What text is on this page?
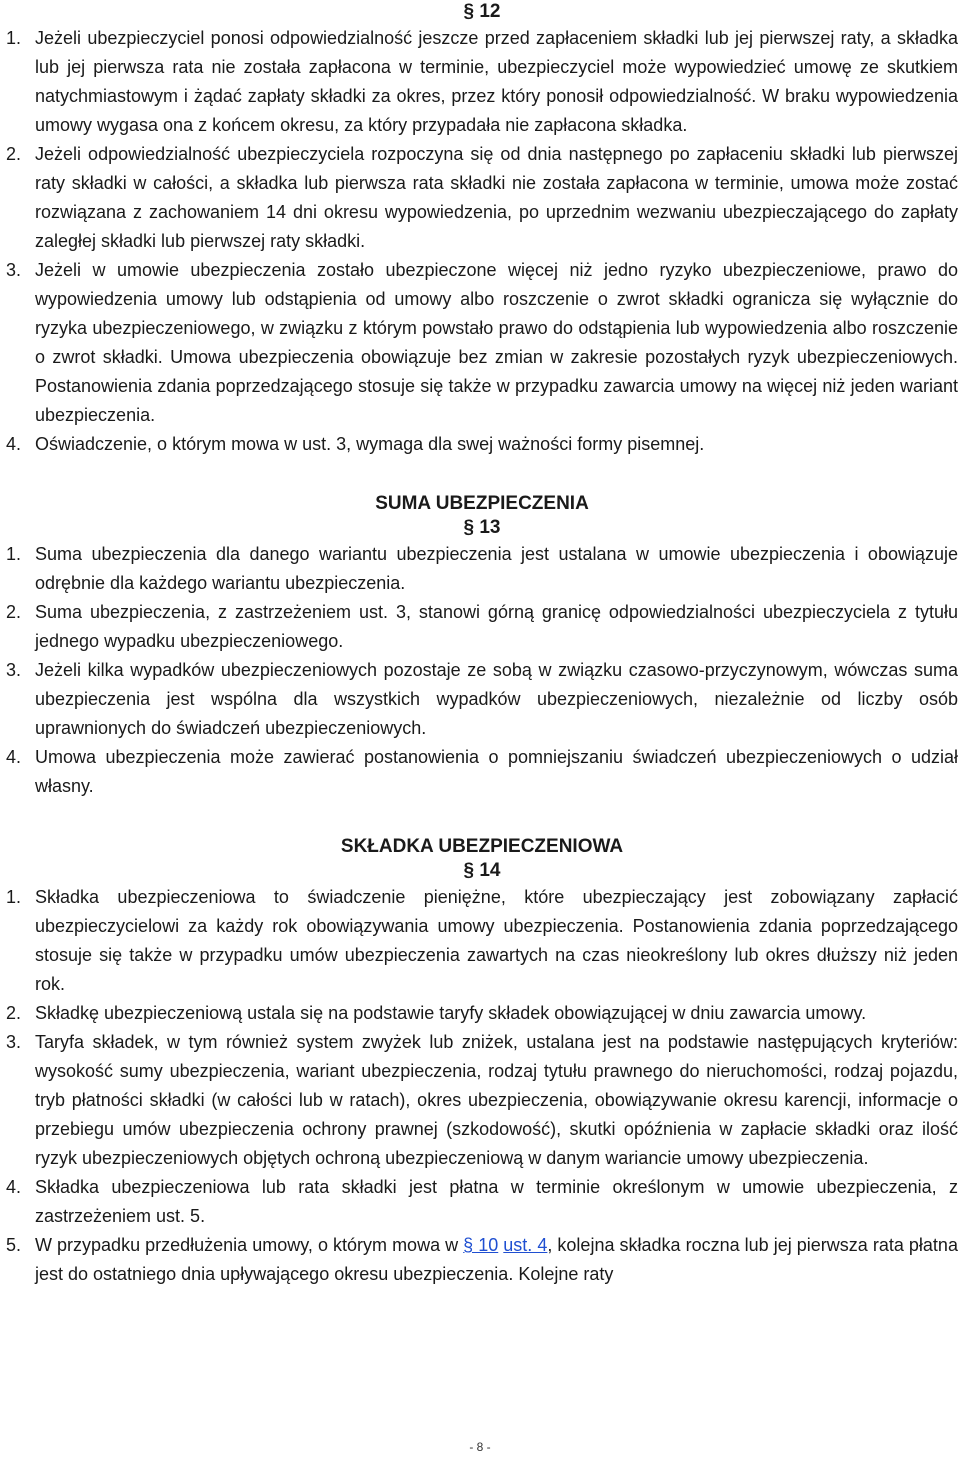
§ 12
1. Jeżeli ubezpieczyciel ponosi odpowiedzialność jeszcze przed zapłaceniem składki lub jej pierwszej raty, a składka lub jej pierwsza rata nie została zapłacona w terminie, ubezpieczyciel może wypowiedzieć umowę ze skutkiem natychmiastowym i żądać zapłaty składki za okres, przez który ponosił odpowiedzialność. W braku wypowiedzenia umowy wygasa ona z końcem okresu, za który przypadała nie zapłacona składka.
2. Jeżeli odpowiedzialność ubezpieczyciela rozpoczyna się od dnia następnego po zapłaceniu składki lub pierwszej raty składki w całości, a składka lub pierwsza rata składki nie została zapłacona w terminie, umowa może zostać rozwiązana z zachowaniem 14 dni okresu wypowiedzenia, po uprzednim wezwaniu ubezpieczającego do zapłaty zaległej składki lub pierwszej raty składki.
3. Jeżeli w umowie ubezpieczenia zostało ubezpieczone więcej niż jedno ryzyko ubezpieczeniowe, prawo do wypowiedzenia umowy lub odstąpienia od umowy albo roszczenie o zwrot składki ogranicza się wyłącznie do ryzyka ubezpieczeniowego, w związku z którym powstało prawo do odstąpienia lub wypowiedzenia albo roszczenie o zwrot składki. Umowa ubezpieczenia obowiązuje bez zmian w zakresie pozostałych ryzyk ubezpieczeniowych. Postanowienia zdania poprzedzającego stosuje się także w przypadku zawarcia umowy na więcej niż jeden wariant ubezpieczenia.
4. Oświadczenie, o którym mowa w ust. 3, wymaga dla swej ważności formy pisemnej.
SUMA UBEZPIECZENIA
§ 13
1. Suma ubezpieczenia dla danego wariantu ubezpieczenia jest ustalana w umowie ubezpieczenia i obowiązuje odrębnie dla każdego wariantu ubezpieczenia.
2. Suma ubezpieczenia, z zastrzeżeniem ust. 3, stanowi górną granicę odpowiedzialności ubezpieczyciela z tytułu jednego wypadku ubezpieczeniowego.
3. Jeżeli kilka wypadków ubezpieczeniowych pozostaje ze sobą w związku czasowo-przyczynowym, wówczas suma ubezpieczenia jest wspólna dla wszystkich wypadków ubezpieczeniowych, niezależnie od liczby osób uprawnionych do świadczeń ubezpieczeniowych.
4. Umowa ubezpieczenia może zawierać postanowienia o pomniejszaniu świadczeń ubezpieczeniowych o udział własny.
SKŁADKA UBEZPIECZENIOWA
§ 14
1. Składka ubezpieczeniowa to świadczenie pieniężne, które ubezpieczający jest zobowiązany zapłacić ubezpieczycielowi za każdy rok obowiązywania umowy ubezpieczenia. Postanowienia zdania poprzedzającego stosuje się także w przypadku umów ubezpieczenia zawartych na czas nieokreślony lub okres dłuższy niż jeden rok.
2. Składkę ubezpieczeniową ustala się na podstawie taryfy składek obowiązującej w dniu zawarcia umowy.
3. Taryfa składek, w tym również system zwyżek lub zniżek, ustalana jest na podstawie następujących kryteriów: wysokość sumy ubezpieczenia, wariant ubezpieczenia, rodzaj tytułu prawnego do nieruchomości, rodzaj pojazdu, tryb płatności składki (w całości lub w ratach), okres ubezpieczenia, obowiązywanie okresu karencji, informacje o przebiegu umów ubezpieczenia ochrony prawnej (szkodowość), skutki opóźnienia w zapłacie składki oraz ilość ryzyk ubezpieczeniowych objętych ochroną ubezpieczeniową w danym wariancie umowy ubezpieczenia.
4. Składka ubezpieczeniowa lub rata składki jest płatna w terminie określonym w umowie ubezpieczenia, z zastrzeżeniem ust. 5.
5. W przypadku przedłużenia umowy, o którym mowa w § 10 ust. 4, kolejna składka roczna lub jej pierwsza rata płatna jest do ostatniego dnia upływającego okresu ubezpieczenia. Kolejne raty
- 8 -
